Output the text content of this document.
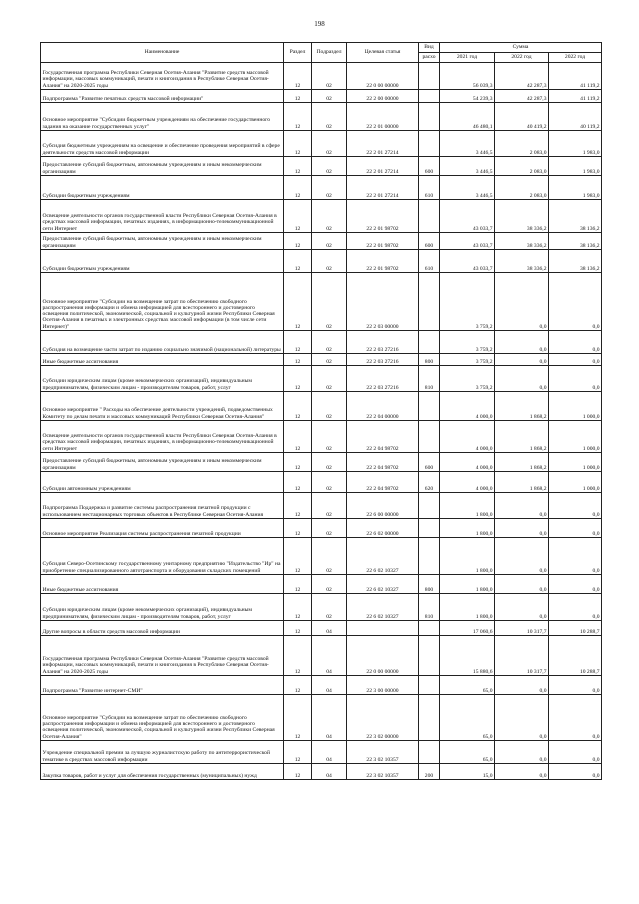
198
Наименование	Раздел	Подраздел	Целевая статья	Вид	Сумма		
				расхо	2021 год	2022 год	2022 год
Государственная программа Республики Северная Осетия-Алания "Развитие средств массовой информации, массовых коммуникаций, печати и книгоиздания в Республике Северная Осетия-Алания" на 2020-2025 годы	12	02	22 0 00 00000		56 039,3	42 287,3	41 119,2
Подпрограмма "Развитие печатных средств массовой информации"	12	02	22 2 00 00000		54 239,3	42 287,3	41 119,2
Основное мероприятие "Субсидии бюджетным учреждениям на обеспечение государственного задания на оказание государственных услуг"	12	02	22 2 01 00000		46 480,1	40 419,2	40 119,2
Субсидия бюджетным учреждениям на освещение и обеспечение проведения мероприятий в сфере деятельности средств массовой информации	12	02	22 2 01 27214		3 446,5	2 083,0	1 983,0
Предоставление субсидий бюджетным, автономным учреждениям и иным некоммерческим организациям	12	02	22 2 01 27214	600	3 446,5	2 083,0	1 983,0
Субсидии бюджетным учреждениям	12	02	22 2 01 27214	610	3 446,5	2 083,0	1 983,0
Освещение деятельности органов государственной власти Республики Северная Осетия-Алания в средствах массовой информации, печатных изданиях, в информационно-телекоммуникационной сети Интернет	12	02	22 2 01 98702		43 033,7	38 336,2	38 136,2
Предоставление субсидий бюджетным, автономным учреждениям и иным некоммерческим организациям	12	02	22 2 01 98702	600	43 033,7	38 336,2	38 136,2
Субсидии бюджетным учреждениям	12	02	22 2 01 98702	610	43 033,7	38 336,2	38 136,2
Основное мероприятие "Субсидии на возмещение затрат по обеспечению свободного распространения информации и обмена информацией для всестороннего и достоверного освещения политической, экономической, социальной и культурной жизни Республики Северная Осетия-Алания в печатных и электронных средствах массовой информации (в том числе сети Интернет)"	12	02	22 2 03 00000		3 759,2	0,0	0,0
Субсидия на возмещение части затрат по изданию социально значимой (национальной) литературы	12	02	22 2 03 27216		3 759,2	0,0	0,0
Иные бюджетные ассигнования	12	02	22 2 03 27216	800	3 759,2	0,0	0,0
Субсидии юридическим лицам (кроме некоммерческих организаций), индивидуальным предпринимателям, физическим лицам - производителям товаров, работ, услуг	12	02	22 2 03 27216	810	3 759,2	0,0	0,0
Основное мероприятие " Расходы на обеспечение деятельности учреждений, подведомственных Комитету по делам печати и массовых коммуникаций Республики Северная Осетия-Алания"	12	02	22 2 04 00000		4 000,0	1 868,2	1 000,0
Освещение деятельности органов государственной власти Республики Северная Осетия-Алания в средствах массовой информации, печатных изданиях, в информационно-телекоммуникационной сети Интернет	12	02	22 2 04 98702		4 000,0	1 868,2	1 000,0
Предоставление субсидий бюджетным, автономным учреждениям и иным некоммерческим организациям	12	02	22 2 04 98702	600	4 000,0	1 868,2	1 000,0
Субсидии автономным учреждениям	12	02	22 2 04 98702	620	4 000,0	1 868,2	1 000,0
Подпрограмма Поддержка и развитие системы распространения печатной продукции с использованием нестационарных торговых объектов в Республике Северная Осетия-Алания	12	02	22 6 00 00000		1 800,0	0,0	0,0
Основное мероприятие Реализация системы распространения печатной продукции	12	02	22 6 02 00000		1 800,0	0,0	0,0
Субсидия Северо-Осетинскому государственному унитарному предприятию "Издательство "Ир" на приобретение специализированного автотранспорта и оборудования складских помещений	12	02	22 6 02 10327		1 800,0	0,0	0,0
Иные бюджетные ассигнования	12	02	22 6 02 10327	800	1 800,0	0,0	0,0
Субсидии юридическим лицам (кроме некоммерческих организаций), индивидуальным предпринимателям, физическим лицам - производителям товаров, работ, услуг	12	02	22 6 02 10327	810	1 800,0	0,0	0,0
Другие вопросы в области средств массовой информации	12	04			17 060,6	10 317,7	10 288,7
Государственная программа Республики Северная Осетия-Алания "Развитие средств массовой информации, массовых коммуникаций, печати и книгоиздания в Республике Северная Осетия-Алания" на 2020-2025 годы	12	04	22 0 00 00000		15 880,6	10 317,7	10 288,7
Подпрограмма "Развитие интернет-СМИ"	12	04	22 3 00 00000		65,0	0,0	0,0
Основное мероприятие "Субсидии на возмещение затрат по обеспечению свободного распространения информации и обмена информацией для всестороннего и достоверного освещения политической, экономической, социальной и культурной жизни Республики Северная Осетия-Алания"	12	04	22 3 02 00000		65,0	0,0	0,0
Учреждение специальной премии за лучшую журналистскую работу по антитеррористической тематике в средствах массовой информации	12	04	22 3 02 10357		65,0	0,0	0,0
Закупка товаров, работ и услуг для обеспечения государственных (муниципальных) нужд	12	04	22 3 02 10357	200	15,0	0,0	0,0
